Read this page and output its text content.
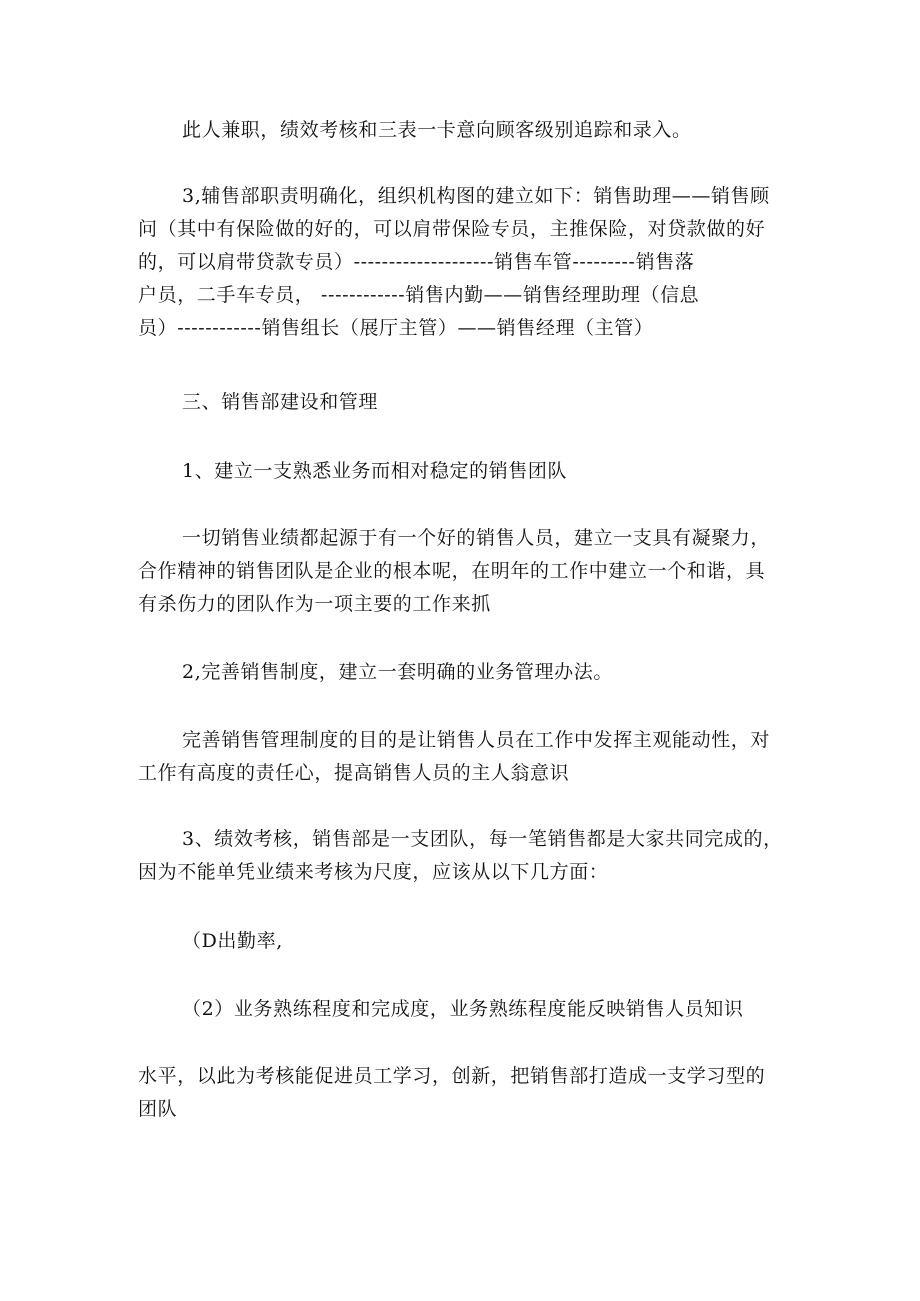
此人兼职，绩效考核和三表一卡意向顾客级别追踪和录入。
3,辅售部职责明确化，组织机构图的建立如下：销售助理——销售顾
问（其中有保险做的好的，可以肩带保险专员，主推保险，对贷款做的好
的，可以肩带贷款专员）--------------------销售车管---------销售落
户员，二手车专员， ------------销售内勤——销售经理助理（信息
员）------------销售组长（展厅主管）——销售经理（主管）
三、销售部建设和管理
1、建立一支熟悉业务而相对稳定的销售团队
一切销售业绩都起源于有一个好的销售人员，建立一支具有凝聚力，
合作精神的销售团队是企业的根本呢，在明年的工作中建立一个和谐，具
有杀伤力的团队作为一项主要的工作来抓
2,完善销售制度，建立一套明确的业务管理办法。
完善销售管理制度的目的是让销售人员在工作中发挥主观能动性，对
工作有高度的责任心，提高销售人员的主人翁意识
3、绩效考核，销售部是一支团队，每一笔销售都是大家共同完成的，
因为不能单凭业绩来考核为尺度，应该从以下几方面：
（D出勤率,
（2）业务熟练程度和完成度，业务熟练程度能反映销售人员知识
水平，以此为考核能促进员工学习，创新，把销售部打造成一支学习型的
团队
